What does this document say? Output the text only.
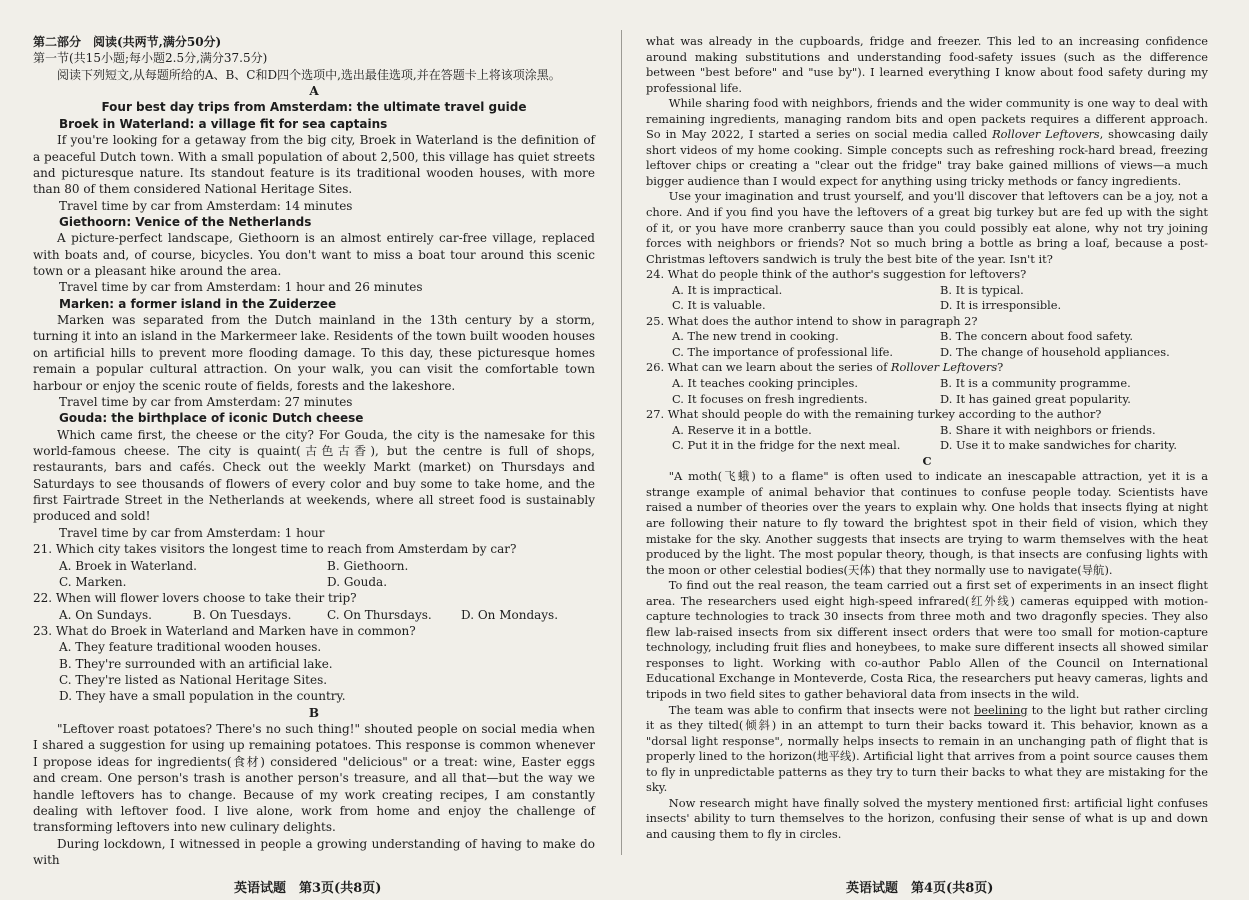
第二部分　阅读(共两节,满分50分)

第一节(共15小题;每小题2.5分,满分37.5分)

阅读下列短文,从每题所给的A、B、C和D四个选项中,选出最佳选项,并在答题卡上将该项涂黑。

A

Four best day trips from Amsterdam: the ultimate travel guide

Broek in Waterland: a village fit for sea captains

If you're looking for a getaway from the big city, Broek in Waterland is the definition of a peaceful Dutch town. With a small population of about 2,500, this village has quiet streets and picturesque nature. Its standout feature is its traditional wooden houses, with more than 80 of them considered National Heritage Sites.

Travel time by car from Amsterdam: 14 minutes

Giethoorn: Venice of the Netherlands

A picture-perfect landscape, Giethoorn is an almost entirely car-free village, replaced with boats and, of course, bicycles. You don't want to miss a boat tour around this scenic town or a pleasant hike around the area.

Travel time by car from Amsterdam: 1 hour and 26 minutes

Marken: a former island in the Zuiderzee

Marken was separated from the Dutch mainland in the 13th century by a storm, turning it into an island in the Markermeer lake. Residents of the town built wooden houses on artificial hills to prevent more flooding damage. To this day, these picturesque homes remain a popular cultural attraction. On your walk, you can visit the comfortable town harbour or enjoy the scenic route of fields, forests and the lakeshore.

Travel time by car from Amsterdam: 27 minutes

Gouda: the birthplace of iconic Dutch cheese

Which came first, the cheese or the city? For Gouda, the city is the namesake for this world-famous cheese. The city is quaint(古色古香), but the centre is full of shops, restaurants, bars and cafés. Check out the weekly Markt (market) on Thursdays and Saturdays to see thousands of flowers of every color and buy some to take home, and the first Fairtrade Street in the Netherlands at weekends, where all street food is sustainably produced and sold!

Travel time by car from Amsterdam: 1 hour

21. Which city takes visitors the longest time to reach from Amsterdam by car?

A. Broek in Waterland.	B. Giethoorn.
C. Marken.	D. Gouda.

22. When will flower lovers choose to take their trip?

A. On Sundays.	B. On Tuesdays.	C. On Thursdays.	D. On Mondays.

23. What do Broek in Waterland and Marken have in common?

A. They feature traditional wooden houses.

B. They're surrounded with an artificial lake.

C. They're listed as National Heritage Sites.

D. They have a small population in the country.

B

"Leftover roast potatoes? There's no such thing!" shouted people on social media when I shared a suggestion for using up remaining potatoes. This response is common whenever I propose ideas for ingredients(食材) considered "delicious" or a treat: wine, Easter eggs and cream. One person's trash is another person's treasure, and all that—but the way we handle leftovers has to change. Because of my work creating recipes, I am constantly dealing with leftover food. I live alone, work from home and enjoy the challenge of transforming leftovers into new culinary delights.

During lockdown, I witnessed in people a growing understanding of having to make do with

what was already in the cupboards, fridge and freezer. This led to an increasing confidence around making substitutions and understanding food-safety issues (such as the difference between "best before" and "use by"). I learned everything I know about food safety during my professional life.

While sharing food with neighbors, friends and the wider community is one way to deal with remaining ingredients, managing random bits and open packets requires a different approach. So in May 2022, I started a series on social media called Rollover Leftovers, showcasing daily short videos of my home cooking. Simple concepts such as refreshing rock-hard bread, freezing leftover chips or creating a "clear out the fridge" tray bake gained millions of views—a much bigger audience than I would expect for anything using tricky methods or fancy ingredients.

Use your imagination and trust yourself, and you'll discover that leftovers can be a joy, not a chore. And if you find you have the leftovers of a great big turkey but are fed up with the sight of it, or you have more cranberry sauce than you could possibly eat alone, why not try joining forces with neighbors or friends? Not so much bring a bottle as bring a loaf, because a post-Christmas leftovers sandwich is truly the best bite of the year. Isn't it?

24. What do people think of the author's suggestion for leftovers?

A. It is impractical.	B. It is typical.
C. It is valuable.	D. It is irresponsible.

25. What does the author intend to show in paragraph 2?

A. The new trend in cooking.	B. The concern about food safety.
C. The importance of professional life.	D. The change of household appliances.

26. What can we learn about the series of Rollover Leftovers?

A. It teaches cooking principles.	B. It is a community programme.
C. It focuses on fresh ingredients.	D. It has gained great popularity.

27. What should people do with the remaining turkey according to the author?

A. Reserve it in a bottle.	B. Share it with neighbors or friends.
C. Put it in the fridge for the next meal.	D. Use it to make sandwiches for charity.

C

"A moth(飞蛾) to a flame" is often used to indicate an inescapable attraction, yet it is a strange example of animal behavior that continues to confuse people today. Scientists have raised a number of theories over the years to explain why. One holds that insects flying at night are following their nature to fly toward the brightest spot in their field of vision, which they mistake for the sky. Another suggests that insects are trying to warm themselves with the heat produced by the light. The most popular theory, though, is that insects are confusing lights with the moon or other celestial bodies(天体) that they normally use to navigate(导航).

To find out the real reason, the team carried out a first set of experiments in an insect flight area. The researchers used eight high-speed infrared(红外线) cameras equipped with motion-capture technologies to track 30 insects from three moth and two dragonfly species. They also flew lab-raised insects from six different insect orders that were too small for motion-capture technology, including fruit flies and honeybees, to make sure different insects all showed similar responses to light. Working with co-author Pablo Allen of the Council on International Educational Exchange in Monteverde, Costa Rica, the researchers put heavy cameras, lights and tripods in two field sites to gather behavioral data from insects in the wild.

The team was able to confirm that insects were not beelining to the light but rather circling it as they tilted(倾斜) in an attempt to turn their backs toward it. This behavior, known as a "dorsal light response", normally helps insects to remain in an unchanging path of flight that is properly lined to the horizon(地平线). Artificial light that arrives from a point source causes them to fly in unpredictable patterns as they try to turn their backs to what they are mistaking for the sky.

Now research might have finally solved the mystery mentioned first: artificial light confuses insects' ability to turn themselves to the horizon, confusing their sense of what is up and down and causing them to fly in circles.

英语试题　第3页(共8页)	英语试题　第4页(共8页)
